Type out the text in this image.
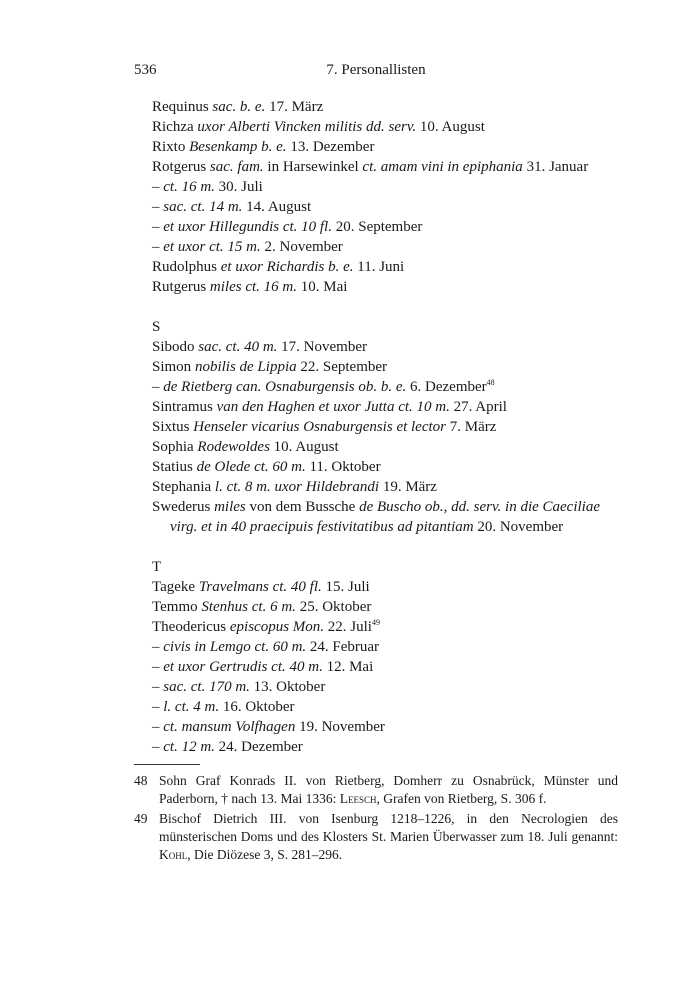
536	7. Personallisten
Requinus sac. b. e. 17. März
Richza uxor Alberti Vincken militis dd. serv. 10. August
Rixto Besenkamp b. e. 13. Dezember
Rotgerus sac. fam. in Harsewinkel ct. amam vini in epiphania 31. Januar
– ct. 16 m. 30. Juli
– sac. ct. 14 m. 14. August
– et uxor Hillegundis ct. 10 fl. 20. September
– et uxor ct. 15 m. 2. November
Rudolphus et uxor Richardis b. e. 11. Juni
Rutgerus miles ct. 16 m. 10. Mai
S
Sibodo sac. ct. 40 m. 17. November
Simon nobilis de Lippia 22. September
– de Rietberg can. Osnaburgensis ob. b. e. 6. Dezember$^{48}$
Sintramus van den Haghen et uxor Jutta ct. 10 m. 27. April
Sixtus Henseler vicarius Osnaburgensis et lector 7. März
Sophia Rodewoldes 10. August
Statius de Olede ct. 60 m. 11. Oktober
Stephania l. ct. 8 m. uxor Hildebrandi 19. März
Swederus miles von dem Bussche de Buscho ob., dd. serv. in die Caeciliae
virg. et in 40 praecipuis festivitatibus ad pitantiam 20. November
T
Tageke Travelmans ct. 40 fl. 15. Juli
Temmo Stenhus ct. 6 m. 25. Oktober
Theodericus episcopus Mon. 22. Juli$^{49}$
– civis in Lemgo ct. 60 m. 24. Februar
– et uxor Gertrudis ct. 40 m. 12. Mai
– sac. ct. 170 m. 13. Oktober
– l. ct. 4 m. 16. Oktober
– ct. mansum Volfhagen 19. November
– ct. 12 m. 24. Dezember
48 Sohn Graf Konrads II. von Rietberg, Domherr zu Osnabrück, Münster und Paderborn, † nach 13. Mai 1336: Leesch, Grafen von Rietberg, S. 306 f.
49 Bischof Dietrich III. von Isenburg 1218–1226, in den Necrologien des münsterischen Doms und des Klosters St. Marien Überwasser zum 18. Juli genannt: Kohl, Die Diözese 3, S. 281–296.
